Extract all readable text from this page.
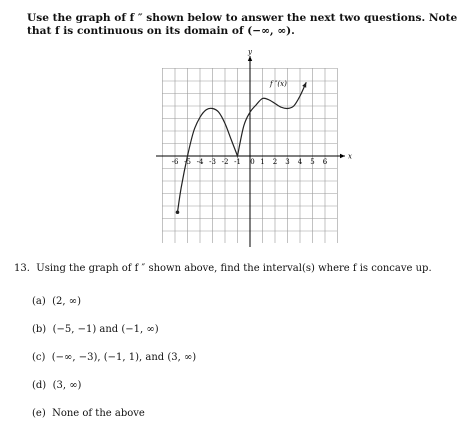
Use the graph of f ″ shown below to answer the next two questions. Note that f is continuous on its domain of (−∞, ∞).
-6 -5 -4 -3 -2 -1 0 1 2 3 4 5 6
y
x
f ″(x)
13. Using the graph of f ″ shown above, find the interval(s) where f is concave up.
(a) (2, ∞)
(b) (−5, −1) and (−1, ∞)
(c) (−∞, −3), (−1, 1), and (3, ∞)
(d) (3, ∞)
(e) None of the above
